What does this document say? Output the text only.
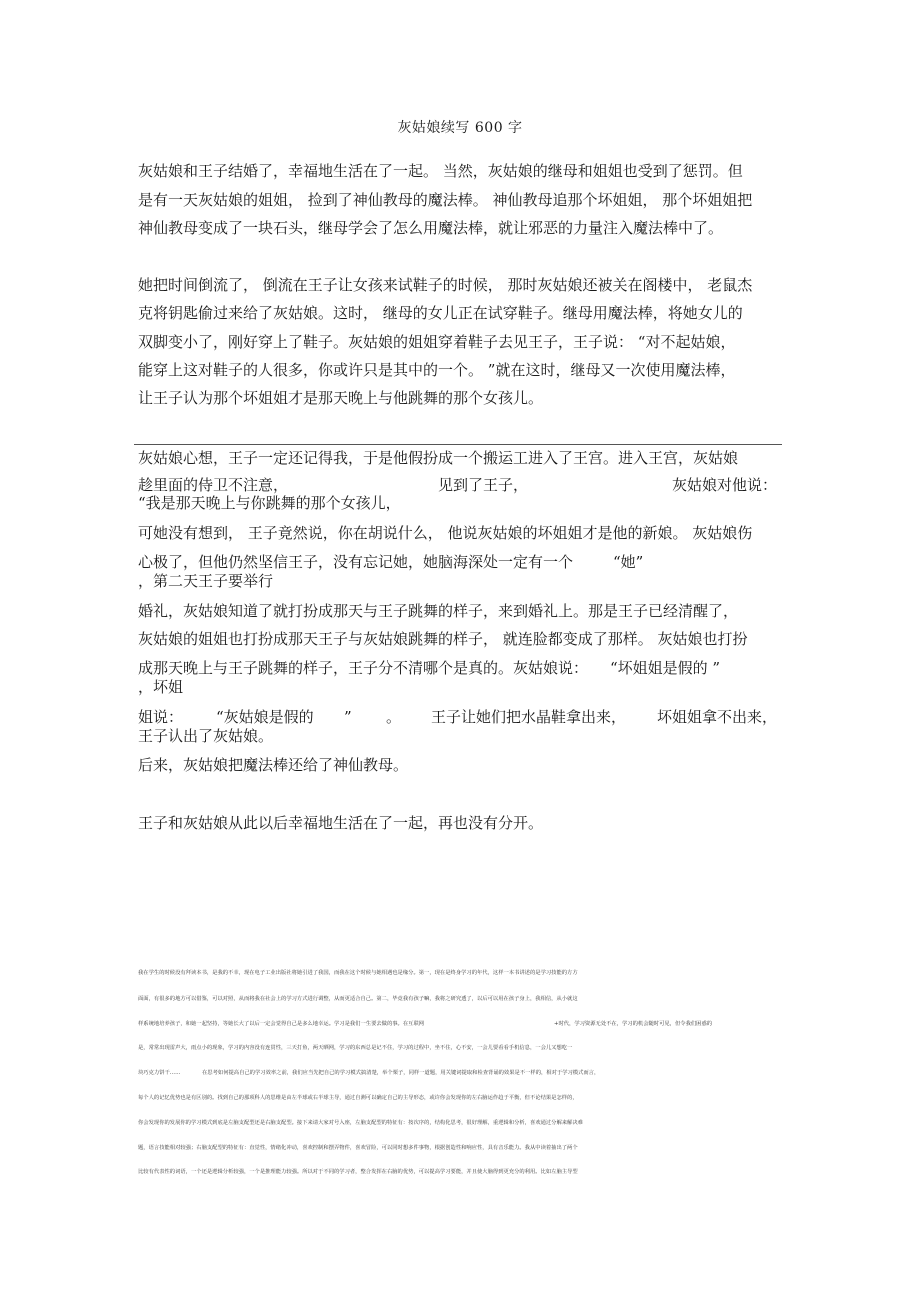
灰姑娘续写 600 字
灰姑娘和王子结婚了，幸福地生活在了一起。 当然，灰姑娘的继母和姐姐也受到了惩罚。但
是有一天灰姑娘的姐姐， 捡到了神仙教母的魔法棒。 神仙教母追那个坏姐姐， 那个坏姐姐把
神仙教母变成了一块石头，继母学会了怎么用魔法棒，就让邪恶的力量注入魔法棒中了。
她把时间倒流了， 倒流在王子让女孩来试鞋子的时候， 那时灰姑娘还被关在阁楼中， 老鼠杰
克将钥匙偷过来给了灰姑娘。这时， 继母的女儿正在试穿鞋子。继母用魔法棒，将她女儿的
双脚变小了，刚好穿上了鞋子。灰姑娘的姐姐穿着鞋子去见王子，王子说： “对不起姑娘，
能穿上这对鞋子的人很多，你或许只是其中的一个。 ”就在这时，继母又一次使用魔法棒，
让王子认为那个坏姐姐才是那天晚上与他跳舞的那个女孩儿。
灰姑娘心想，王子一定还记得我，于是他假扮成一个搬运工进入了王宫。进入王宫，灰姑娘
趁里面的侍卫不注意，	见到了王子，	灰姑娘对他说：
“我是那天晚上与你跳舞的那个女孩儿，
可她没有想到， 王子竟然说，你在胡说什么， 他说灰姑娘的坏姐姐才是他的新娘。 灰姑娘伤
心极了，但他仍然坚信王子，没有忘记她，她脑海深处一定有一个	“她”
，第二天王子要举行
婚礼，灰姑娘知道了就打扮成那天与王子跳舞的样子，来到婚礼上。那是王子已经清醒了，
灰姑娘的姐姐也打扮成那天王子与灰姑娘跳舞的样子， 就连脸都变成了那样。 灰姑娘也打扮
成那天晚上与王子跳舞的样子，王子分不清哪个是真的。灰姑娘说： “坏姐姐是假的 ”
，坏姐
姐说： “灰姑娘是假的 ” 。 王子让她们把水晶鞋拿出来， 坏姐姐拿不出来，
王子认出了灰姑娘。
后来，灰姑娘把魔法棒还给了神仙教母。
王子和灰姑娘从此以后幸福地生活在了一起，再也没有分开。
我在学生的时候没有拜读本书，是我的不幸，现在电子工业出版社将她引进了我国，而我在这个时候与她相遇也是缘分。第一，现在是终身学习的年代，这样一本书讲述的是学习技能的方方
面面，有很多的地方可以借鉴，可以对照，从而将我在社会上的学习方式进行调整，从而更适合自己。第二，毕竟我有孩子嘛，我将之研究透了，以后可以用在孩子身上，我相信，从小就这
样系统地培养孩子，和她一起坚持，等她长大了以后一定会觉得自己是多么地幸运。学习是我们一生要去做的事。在互联网	+时代，学习资源无处不在，学习的机会随时可见，但令我们困惑的
是，常常出现雷声大，雨点小的现象，学习的内容没有连贯性，三天打鱼，两天晒网，学习的东西总是记不住，学习的过程中，坐不住，心不安，一会儿要看看手机信息，一会儿又想吃一
块巧克力饼干……	在思考如何提高自己的学习效率之前，我们应当先把自己的学习模式搞清楚，举个栗子，同样一道题，用关键词提取和检查背诵的效果是不一样的，相对于学习模式而言，
每个人的记忆优势也是有区别的。找到自己的那项科人的思维是由左半球或右半球主导，通过自测可以确定自己的主导形态，或许你会发现你的左右脑运作趋于平衡，但不论结果是怎样的，
你会发现你的发展你的学习模式到底是左脑支配型还是右脑支配型。接下来请大家对号入座，左脑支配型的特征有：按次序的，结构化思考，很好理解，重逻辑和分析，喜欢通过分解来解决难
题，语言技能相对较强；右脑支配型的特征有：直觉性，情绪化冲动，喜欢控制和摆弄物件，喜欢冒险，可以同时想多件事物，根据创造性和响应性，具有音乐能力。我从中读着抽出了两个
比较有代表性的词语，一个还是逻辑分析较强，一个是推理能力较强。所以对于不同的学习者，整合发挥在右脑的优势，可以提高学习要能，并且使大脑得到更充分的利用。比如左脑主导型
